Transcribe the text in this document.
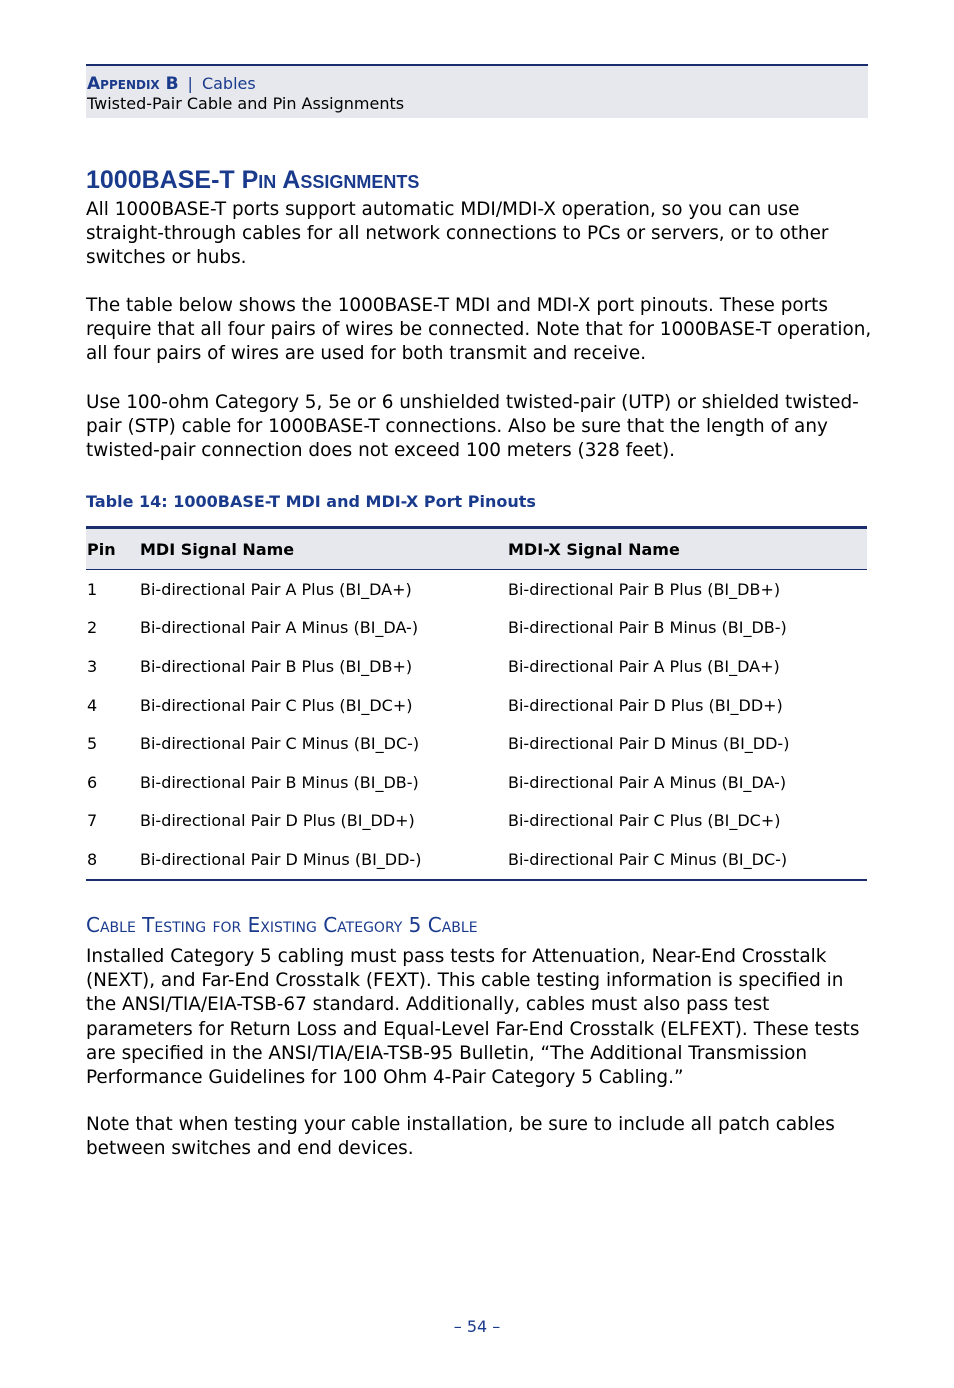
Appendix B | Cables
Twisted-Pair Cable and Pin Assignments
1000BASE-T Pin Assignments

All 1000BASE-T ports support automatic MDI/MDI-X operation, so you can use straight-through cables for all network connections to PCs or servers, or to other switches or hubs.

The table below shows the 1000BASE-T MDI and MDI-X port pinouts. These ports require that all four pairs of wires be connected. Note that for 1000BASE-T operation, all four pairs of wires are used for both transmit and receive.

Use 100-ohm Category 5, 5e or 6 unshielded twisted-pair (UTP) or shielded twisted-pair (STP) cable for 1000BASE-T connections. Also be sure that the length of any twisted-pair connection does not exceed 100 meters (328 feet).

Table 14: 1000BASE-T MDI and MDI-X Port Pinouts
Pin	MDI Signal Name	MDI-X Signal Name
1	Bi-directional Pair A Plus (BI_DA+)	Bi-directional Pair B Plus (BI_DB+)
2	Bi-directional Pair A Minus (BI_DA-)	Bi-directional Pair B Minus (BI_DB-)
3	Bi-directional Pair B Plus (BI_DB+)	Bi-directional Pair A Plus (BI_DA+)
4	Bi-directional Pair C Plus (BI_DC+)	Bi-directional Pair D Plus (BI_DD+)
5	Bi-directional Pair C Minus (BI_DC-)	Bi-directional Pair D Minus (BI_DD-)
6	Bi-directional Pair B Minus (BI_DB-)	Bi-directional Pair A Minus (BI_DA-)
7	Bi-directional Pair D Plus (BI_DD+)	Bi-directional Pair C Plus (BI_DC+)
8	Bi-directional Pair D Minus (BI_DD-)	Bi-directional Pair C Minus (BI_DC-)
Cable Testing for Existing Category 5 Cable

Installed Category 5 cabling must pass tests for Attenuation, Near-End Crosstalk (NEXT), and Far-End Crosstalk (FEXT). This cable testing information is specified in the ANSI/TIA/EIA-TSB-67 standard. Additionally, cables must also pass test parameters for Return Loss and Equal-Level Far-End Crosstalk (ELFEXT). These tests are specified in the ANSI/TIA/EIA-TSB-95 Bulletin, “The Additional Transmission Performance Guidelines for 100 Ohm 4-Pair Category 5 Cabling.”

Note that when testing your cable installation, be sure to include all patch cables between switches and end devices.

– 54 –
